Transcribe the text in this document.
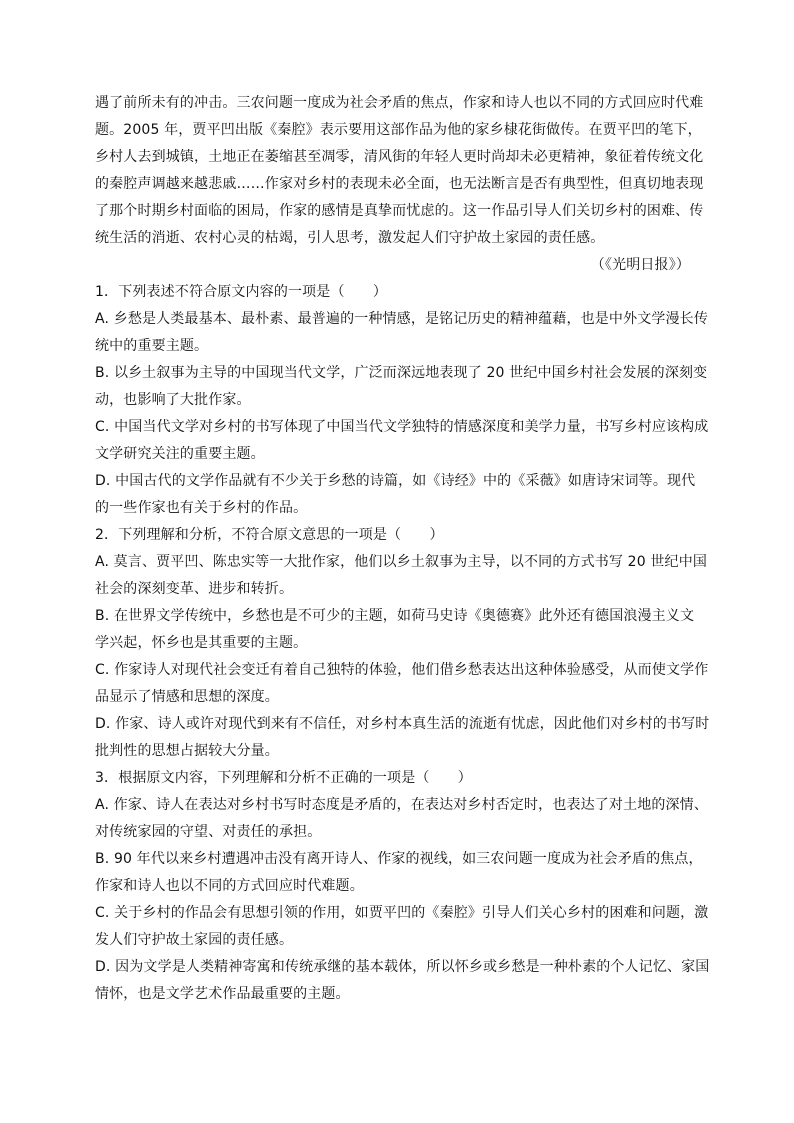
遇了前所未有的冲击。三农问题一度成为社会矛盾的焦点，作家和诗人也以不同的方式回应时代难
题。2005 年，贾平凹出版《秦腔》表示要用这部作品为他的家乡棣花街做传。在贾平凹的笔下，
乡村人去到城镇，土地正在萎缩甚至凋零，清风街的年轻人更时尚却未必更精神，象征着传统文化
的秦腔声调越来越悲戚……作家对乡村的表现未必全面，也无法断言是否有典型性，但真切地表现
了那个时期乡村面临的困局，作家的感情是真挚而忧虑的。这一作品引导人们关切乡村的困难、传
统生活的消逝、农村心灵的枯竭，引人思考，激发起人们守护故土家园的责任感。
（《光明日报》）
1．下列表述不符合原文内容的一项是（　　）
A. 乡愁是人类最基本、最朴素、最普遍的一种情感，是铭记历史的精神蕴藉，也是中外文学漫长传
统中的重要主题。
B. 以乡土叙事为主导的中国现当代文学，广泛而深远地表现了 20 世纪中国乡村社会发展的深刻变
动，也影响了大批作家。
C. 中国当代文学对乡村的书写体现了中国当代文学独特的情感深度和美学力量，书写乡村应该构成
文学研究关注的重要主题。
D. 中国古代的文学作品就有不少关于乡愁的诗篇，如《诗经》中的《采薇》如唐诗宋词等。现代
的一些作家也有关于乡村的作品。
2．下列理解和分析，不符合原文意思的一项是（　　）
A. 莫言、贾平凹、陈忠实等一大批作家，他们以乡土叙事为主导，以不同的方式书写 20 世纪中国
社会的深刻变革、进步和转折。
B. 在世界文学传统中，乡愁也是不可少的主题，如荷马史诗《奥德赛》此外还有德国浪漫主义文
学兴起，怀乡也是其重要的主题。
C. 作家诗人对现代社会变迁有着自己独特的体验，他们借乡愁表达出这种体验感受，从而使文学作
品显示了情感和思想的深度。
D. 作家、诗人或许对现代到来有不信任，对乡村本真生活的流逝有忧虑，因此他们对乡村的书写时
批判性的思想占据较大分量。
3．根据原文内容，下列理解和分析不正确的一项是（　　）
A. 作家、诗人在表达对乡村书写时态度是矛盾的，在表达对乡村否定时，也表达了对土地的深情、
对传统家园的守望、对责任的承担。
B. 90 年代以来乡村遭遇冲击没有离开诗人、作家的视线，如三农问题一度成为社会矛盾的焦点，
作家和诗人也以不同的方式回应时代难题。
C. 关于乡村的作品会有思想引领的作用，如贾平凹的《秦腔》引导人们关心乡村的困难和问题，激
发人们守护故土家园的责任感。
D. 因为文学是人类精神寄寓和传统承继的基本载体，所以怀乡或乡愁是一种朴素的个人记忆、家国
情怀，也是文学艺术作品最重要的主题。
